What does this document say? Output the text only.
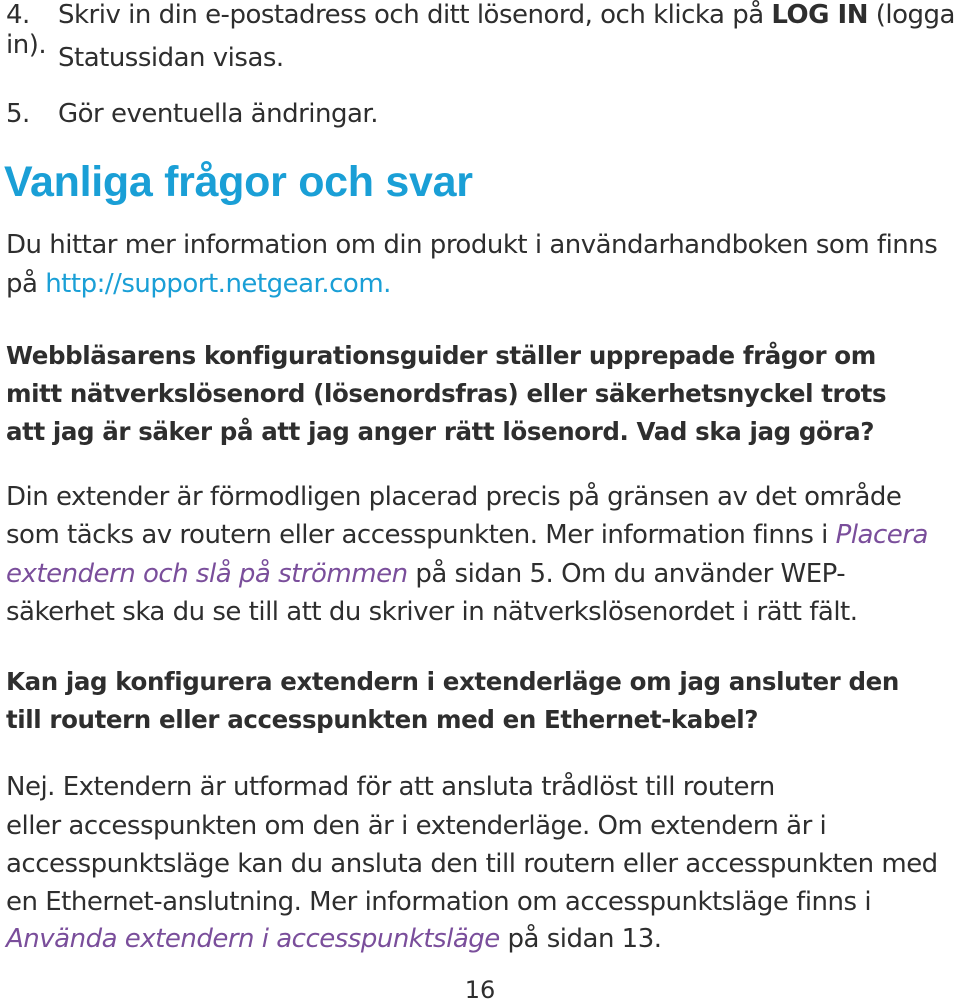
4. Skriv in din e-postadress och ditt lösenord, och klicka på LOG IN (logga in). Statussidan visas.
5. Gör eventuella ändringar.
Vanliga frågor och svar
Du hittar mer information om din produkt i användarhandboken som finns
på http://support.netgear.com.
Webbläsarens konfigurationsguider ställer upprepade frågor om
mitt nätverkslösenord (lösenordsfras) eller säkerhetsnyckel trots
att jag är säker på att jag anger rätt lösenord. Vad ska jag göra?
Din extender är förmodligen placerad precis på gränsen av det område
som täcks av routern eller accesspunkten. Mer information finns i Placera
extendern och slå på strömmen på sidan 5. Om du använder WEP-
säkerhet ska du se till att du skriver in nätverkslösenordet i rätt fält.
Kan jag konfigurera extendern i extenderläge om jag ansluter den
till routern eller accesspunkten med en Ethernet-kabel?
Nej. Extendern är utformad för att ansluta trådlöst till routern
eller accesspunkten om den är i extenderläge. Om extendern är i
accesspunktsläge kan du ansluta den till routern eller accesspunkten med
en Ethernet-anslutning. Mer information om accesspunktsläge finns i
Använda extendern i accesspunktsläge på sidan 13.
16
